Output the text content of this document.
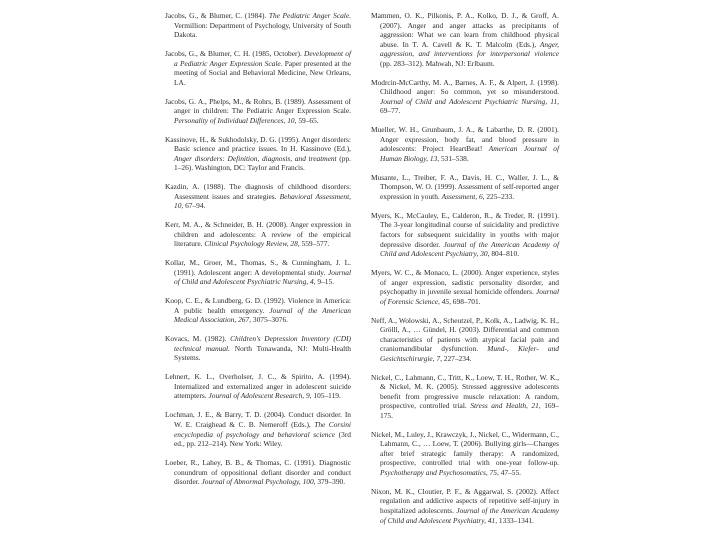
Jacobs, G., & Blumer, C. (1984). The Pediatric Anger Scale. Vermillion: Department of Psychology, University of South Dakota.

Jacobs, G., & Blumer, C. H. (1985, October). Development of a Pediatric Anger Expression Scale. Paper presented at the meeting of Social and Behavioral Medicine, New Orleans, LA.

Jacobs, G. A., Phelps, M., & Rohrs, B. (1989). Assessment of anger in children: The Pediatric Anger Expression Scale. Personality of Individual Differences, 10, 59–65.

Kassinove, H., & Sukhodolsky, D. G. (1995). Anger disorders: Basic science and practice issues. In H. Kassinove (Ed.), Anger disorders: Definition, diagnosis, and treatment (pp. 1–26). Washington, DC: Taylor and Francis.

Kazdin, A. (1988). The diagnosis of childhood disorders: Assessment issues and strategies. Behavioral Assessment, 10, 67–94.

Kerr, M. A., & Schneider, B. H. (2008). Anger expression in children and adolescents: A review of the empirical literature. Clinical Psychology Review, 28, 559–577.

Kollar, M., Groer, M., Thomas, S., & Cunningham, J. L. (1991). Adolescent anger: A developmental study. Journal of Child and Adolescent Psychiatric Nursing, 4, 9–15.

Koop, C. E., & Lundberg, G. D. (1992). Violence in America: A public health emergency. Journal of the American Medical Association, 267, 3075–3076.

Kovacs, M. (1982). Children's Depression Inventory (CDI) technical manual. North Tonawanda, NJ: Multi-Health Systems.

Lehnert, K. L., Overholser, J. C., & Spirito, A. (1994). Internalized and externalized anger in adolescent suicide attempters. Journal of Adolescent Research, 9, 105–119.

Lochman, J. E., & Barry, T. D. (2004). Conduct disorder. In W. E. Craighead & C. B. Nemeroff (Eds.), The Corsini encyclopedia of psychology and behavioral science (3rd ed., pp. 212–214). New York: Wiley.

Loeber, R., Lahey, B. B., & Thomas, C. (1991). Diagnostic conundrum of oppositional defiant disorder and conduct disorder. Journal of Abnormal Psychology, 100, 379–390.

Mammen, O. K., Pilkonis, P. A., Kolko, D. J., & Groff, A. (2007). Anger and anger attacks as precipitants of aggression: What we can learn from childhood physical abuse. In T. A. Cavell & K. T. Malcolm (Eds.), Anger, aggression, and interventions for interpersonal violence (pp. 283–312). Mahwah, NJ: Erlbaum.

Modrcin-McCarthy, M. A., Barnes, A. F., & Alpert, J. (1998). Childhood anger: So common, yet so misunderstood. Journal of Child and Adolescent Psychiatric Nursing, 11, 69–77.

Mueller, W. H., Grunbaum, J. A., & Labarthe, D. R. (2001). Anger expression, body fat, and blood pressure in adolescents: Project HeartBeat! American Journal of Human Biology, 13, 531–538.

Musante, L., Treiber, F. A., Davis, H. C., Waller, J. L., & Thompson, W. O. (1999). Assessment of self-reported anger expression in youth. Assessment, 6, 225–233.

Myers, K., McCauley, E., Calderon, R., & Treder, R. (1991). The 3-year longitudinal course of suicidality and predictive factors for subsequent suicidality in youths with major depressive disorder. Journal of the American Academy of Child and Adolescent Psychiatry, 30, 804–810.

Myers, W. C., & Monaco, L. (2000). Anger experience, styles of anger expression, sadistic personality disorder, and psychopathy in juvenile sexual homicide offenders. Journal of Forensic Science, 45, 698–701.

Neff, A., Wolowski, A., Scheutzel, P., Kolk, A., Ladwig, K. H., Grölll, A., … Gündel, H. (2003). Differential and common characteristics of patients with atypical facial pain and craniomandibular dysfunction. Mund-, Kiefer- und Gesichtschirurgie, 7, 227–234.

Nickel, C., Lahmann, C., Tritt, K., Loew, T. H., Rother, W. K., & Nickel, M. K. (2005). Stressed aggressive adolescents benefit from progressive muscle relaxation: A random, prospective, controlled trial. Stress and Health, 21, 169–175.

Nickel, M., Luley, J., Krawczyk, J., Nickel, C., Widermann, C., Lahmann, C., … Loew, T. (2006). Bullying girls—Changes after brief strategic family therapy: A randomized, prospective, controlled trial with one-year follow-up. Psychotherapy and Psychosomatics, 75, 47–55.

Nixon, M. K., Cloutier, P. F., & Aggarwal, S. (2002). Affect regulation and addictive aspects of repetitive self-injury in hospitalized adolescents. Journal of the American Academy of Child and Adolescent Psychiatry, 41, 1333–1341.
